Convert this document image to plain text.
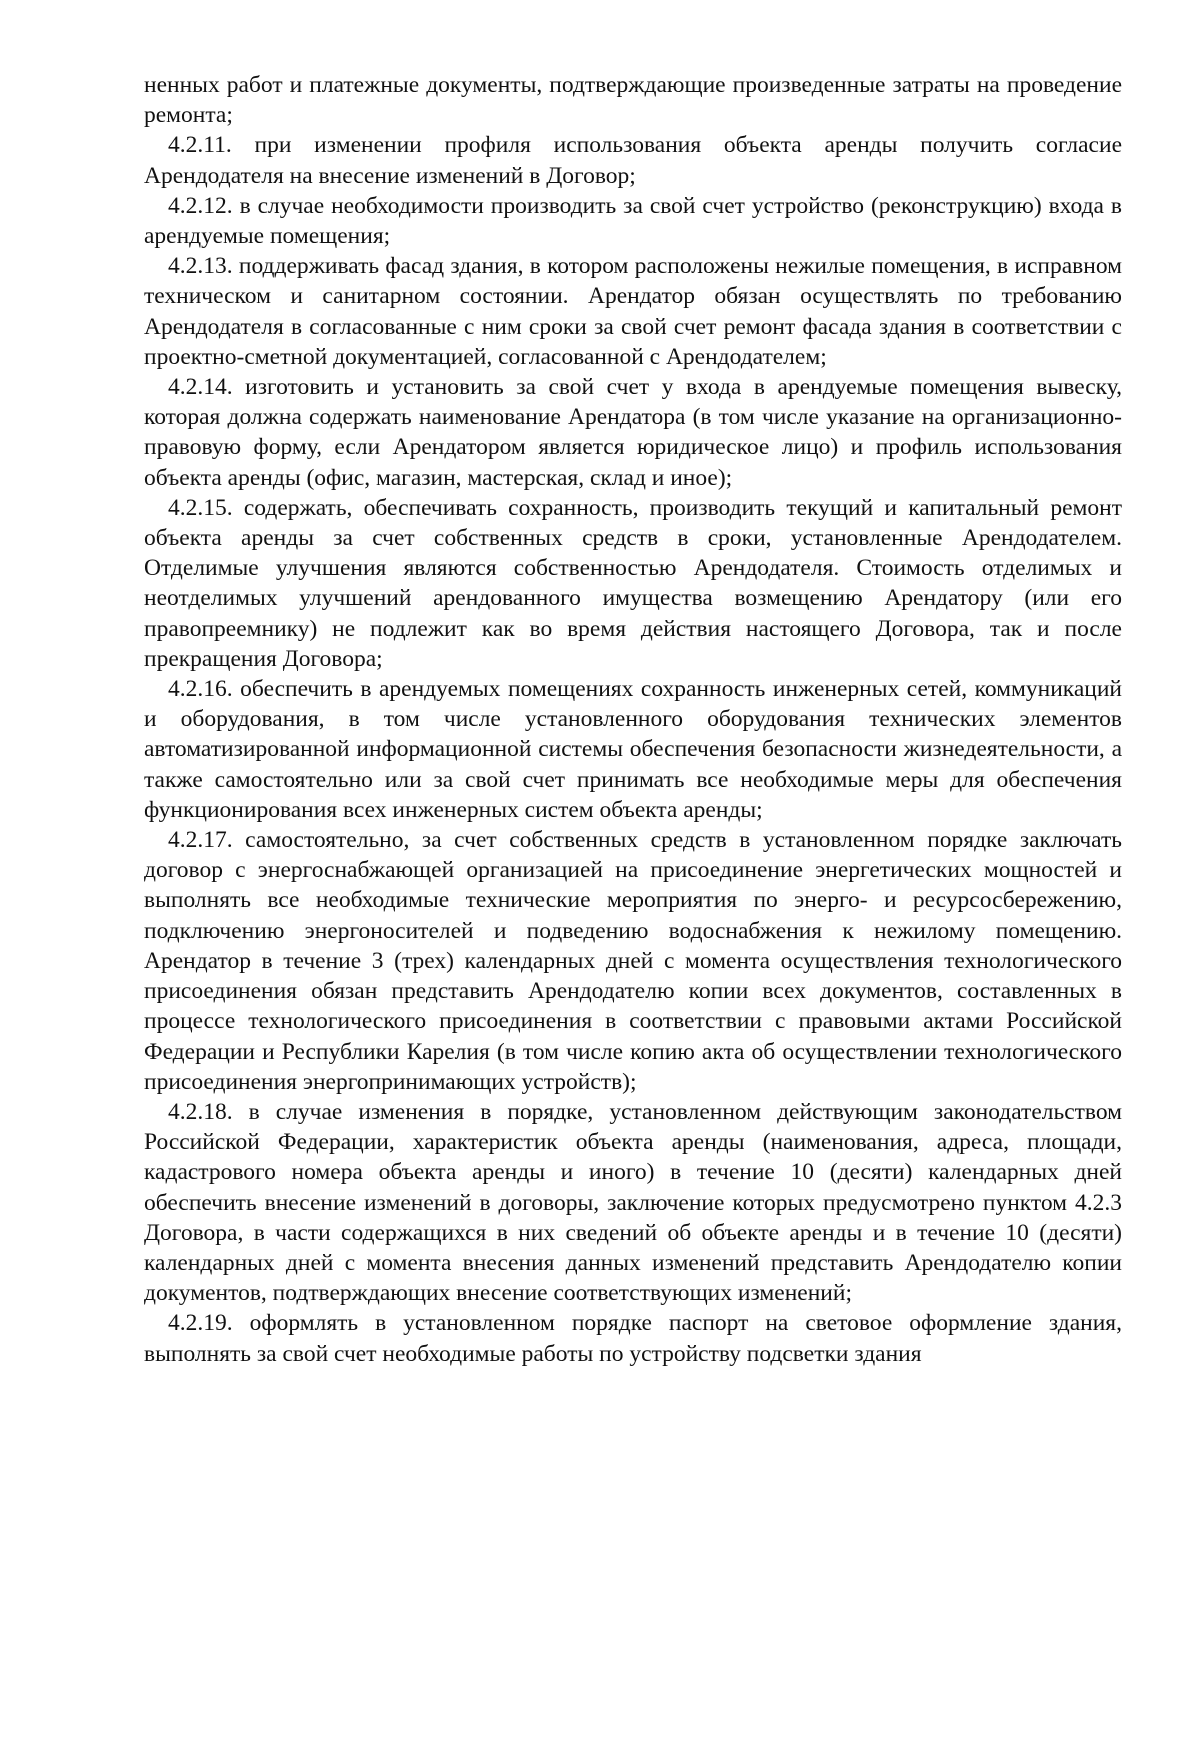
ненных работ и платежные документы, подтверждающие произведенные затраты на проведение ремонта;

4.2.11. при изменении профиля использования объекта аренды получить согласие Арендодателя на внесение изменений в Договор;

4.2.12. в случае необходимости производить за свой счет устройство (реконструкцию) входа в арендуемые помещения;

4.2.13. поддерживать фасад здания, в котором расположены нежилые помещения, в исправном техническом и санитарном состоянии. Арендатор обязан осуществлять по требованию Арендодателя в согласованные с ним сроки за свой счет ремонт фасада здания в соответствии с проектно-сметной документацией, согласованной с Арендодателем;

4.2.14. изготовить и установить за свой счет у входа в арендуемые помещения вывеску, которая должна содержать наименование Арендатора (в том числе указание на организационно-правовую форму, если Арендатором является юридическое лицо) и профиль использования объекта аренды (офис, магазин, мастерская, склад и иное);

4.2.15. содержать, обеспечивать сохранность, производить текущий и капитальный ремонт объекта аренды за счет собственных средств в сроки, установленные Арендодателем. Отделимые улучшения являются собственностью Арендодателя. Стоимость отделимых и неотделимых улучшений арендованного имущества возмещению Арендатору (или его правопреемнику) не подлежит как во время действия настоящего Договора, так и после прекращения Договора;

4.2.16. обеспечить в арендуемых помещениях сохранность инженерных сетей, коммуникаций и оборудования, в том числе установленного оборудования технических элементов автоматизированной информационной системы обеспечения безопасности жизнедеятельности, а также самостоятельно или за свой счет принимать все необходимые меры для обеспечения функционирования всех инженерных систем объекта аренды;

4.2.17. самостоятельно, за счет собственных средств в установленном порядке заключать договор с энергоснабжающей организацией на присоединение энергетических мощностей и выполнять все необходимые технические мероприятия по энерго- и ресурсосбережению, подключению энергоносителей и подведению водоснабжения к нежилому помещению. Арендатор в течение 3 (трех) календарных дней с момента осуществления технологического присоединения обязан представить Арендодателю копии всех документов, составленных в процессе технологического присоединения в соответствии с правовыми актами Российской Федерации и Республики Карелия (в том числе копию акта об осуществлении технологического присоединения энергопринимающих устройств);

4.2.18. в случае изменения в порядке, установленном действующим законодательством Российской Федерации, характеристик объекта аренды (наименования, адреса, площади, кадастрового номера объекта аренды и иного) в течение 10 (десяти) календарных дней обеспечить внесение изменений в договоры, заключение которых предусмотрено пунктом 4.2.3 Договора, в части содержащихся в них сведений об объекте аренды и в течение 10 (десяти) календарных дней с момента внесения данных изменений представить Арендодателю копии документов, подтверждающих внесение соответствующих изменений;

4.2.19. оформлять в установленном порядке паспорт на световое оформление здания, выполнять за свой счет необходимые работы по устройству подсветки здания
